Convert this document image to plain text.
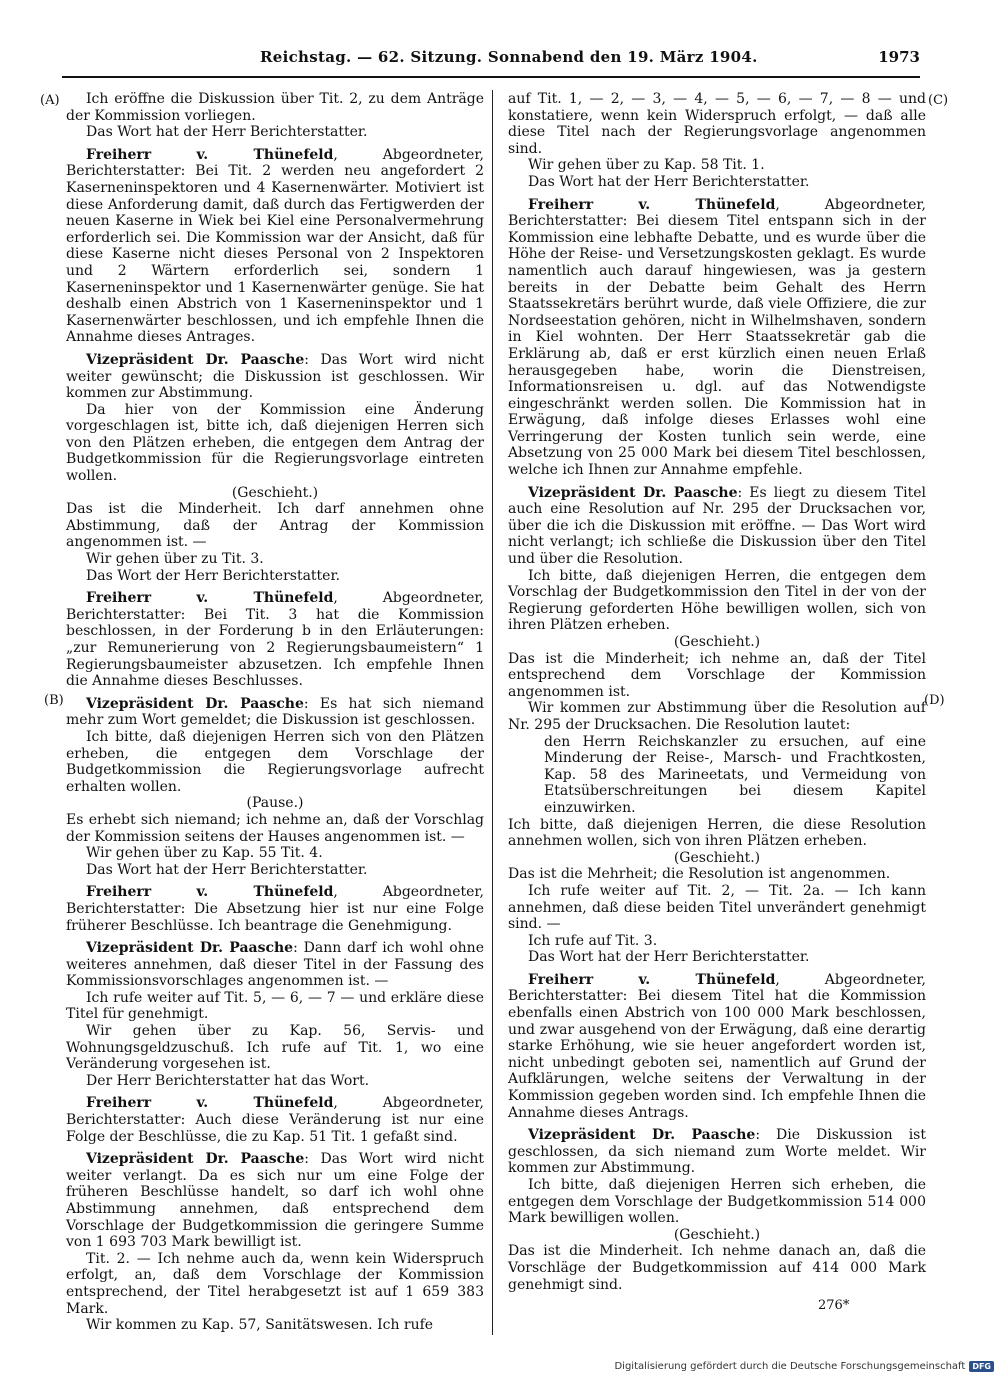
Reichstag. — 62. Sitzung. Sonnabend den 19. März 1904.	1973
(A)
(B)
(C)
(D)

Ich eröffne die Diskussion über Tit. 2, zu dem Anträge der Kommission vorliegen.

Das Wort hat der Herr Berichterstatter.

Freiherr v. Thünefeld, Abgeordneter, Berichterstatter: Bei Tit. 2 werden neu angefordert 2 Kaserneninspektoren und 4 Kasernenwärter. Motiviert ist diese Anforderung damit, daß durch das Fertigwerden der neuen Kaserne in Wiek bei Kiel eine Personalvermehrung erforderlich sei. Die Kommission war der Ansicht, daß für diese Kaserne nicht dieses Personal von 2 Inspektoren und 2 Wärtern erforderlich sei, sondern 1 Kaserneninspektor und 1 Kasernenwärter genüge. Sie hat deshalb einen Abstrich von 1 Kaserneninspektor und 1 Kasernenwärter beschlossen, und ich empfehle Ihnen die Annahme dieses Antrages.

Vizepräsident Dr. Paasche: Das Wort wird nicht weiter gewünscht; die Diskussion ist geschlossen. Wir kommen zur Abstimmung.

Da hier von der Kommission eine Änderung vorgeschlagen ist, bitte ich, daß diejenigen Herren sich von den Plätzen erheben, die entgegen dem Antrag der Budgetkommission für die Regierungsvorlage eintreten wollen.

(Geschieht.)

Das ist die Minderheit. Ich darf annehmen ohne Abstimmung, daß der Antrag der Kommission angenommen ist. —

Wir gehen über zu Tit. 3.

Das Wort der Herr Berichterstatter.

Freiherr v. Thünefeld, Abgeordneter, Berichterstatter: Bei Tit. 3 hat die Kommission beschlossen, in der Forderung b in den Erläuterungen: „zur Remunerierung von 2 Regierungsbaumeistern“ 1 Regierungsbaumeister abzusetzen. Ich empfehle Ihnen die Annahme dieses Beschlusses.

Vizepräsident Dr. Paasche: Es hat sich niemand mehr zum Wort gemeldet; die Diskussion ist geschlossen.

Ich bitte, daß diejenigen Herren sich von den Plätzen erheben, die entgegen dem Vorschlage der Budgetkommission die Regierungsvorlage aufrecht erhalten wollen.

(Pause.)

Es erhebt sich niemand; ich nehme an, daß der Vorschlag der Kommission seitens der Hauses angenommen ist. —

Wir gehen über zu Kap. 55 Tit. 4.

Das Wort hat der Herr Berichterstatter.

Freiherr v. Thünefeld, Abgeordneter, Berichterstatter: Die Absetzung hier ist nur eine Folge früherer Beschlüsse. Ich beantrage die Genehmigung.

Vizepräsident Dr. Paasche: Dann darf ich wohl ohne weiteres annehmen, daß dieser Titel in der Fassung des Kommissionsvorschlages angenommen ist. —

Ich rufe weiter auf Tit. 5, — 6, — 7 — und erkläre diese Titel für genehmigt.

Wir gehen über zu Kap. 56, Servis- und Wohnungsgeldzuschuß. Ich rufe auf Tit. 1, wo eine Veränderung vorgesehen ist.

Der Herr Berichterstatter hat das Wort.

Freiherr v. Thünefeld, Abgeordneter, Berichterstatter: Auch diese Veränderung ist nur eine Folge der Beschlüsse, die zu Kap. 51 Tit. 1 gefaßt sind.

Vizepräsident Dr. Paasche: Das Wort wird nicht weiter verlangt. Da es sich nur um eine Folge der früheren Beschlüsse handelt, so darf ich wohl ohne Abstimmung annehmen, daß entsprechend dem Vorschlage der Budgetkommission die geringere Summe von 1 693 703 Mark bewilligt ist.

Tit. 2. — Ich nehme auch da, wenn kein Widerspruch erfolgt, an, daß dem Vorschlage der Kommission entsprechend, der Titel herabgesetzt ist auf 1 659 383 Mark.

Wir kommen zu Kap. 57, Sanitätswesen. Ich rufe

auf Tit. 1, — 2, — 3, — 4, — 5, — 6, — 7, — 8 — und konstatiere, wenn kein Widerspruch erfolgt, — daß alle diese Titel nach der Regierungsvorlage angenommen sind.

Wir gehen über zu Kap. 58 Tit. 1.

Das Wort hat der Herr Berichterstatter.

Freiherr v. Thünefeld, Abgeordneter, Berichterstatter: Bei diesem Titel entspann sich in der Kommission eine lebhafte Debatte, und es wurde über die Höhe der Reise- und Versetzungskosten geklagt. Es wurde namentlich auch darauf hingewiesen, was ja gestern bereits in der Debatte beim Gehalt des Herrn Staatssekretärs berührt wurde, daß viele Offiziere, die zur Nordseestation gehören, nicht in Wilhelmshaven, sondern in Kiel wohnten. Der Herr Staatssekretär gab die Erklärung ab, daß er erst kürzlich einen neuen Erlaß herausgegeben habe, worin die Dienstreisen, Informationsreisen u. dgl. auf das Notwendigste eingeschränkt werden sollen. Die Kommission hat in Erwägung, daß infolge dieses Erlasses wohl eine Verringerung der Kosten tunlich sein werde, eine Absetzung von 25 000 Mark bei diesem Titel beschlossen, welche ich Ihnen zur Annahme empfehle.

Vizepräsident Dr. Paasche: Es liegt zu diesem Titel auch eine Resolution auf Nr. 295 der Drucksachen vor, über die ich die Diskussion mit eröffne. — Das Wort wird nicht verlangt; ich schließe die Diskussion über den Titel und über die Resolution.

Ich bitte, daß diejenigen Herren, die entgegen dem Vorschlag der Budgetkommission den Titel in der von der Regierung geforderten Höhe bewilligen wollen, sich von ihren Plätzen erheben.

(Geschieht.)

Das ist die Minderheit; ich nehme an, daß der Titel entsprechend dem Vorschlage der Kommission angenommen ist.

Wir kommen zur Abstimmung über die Resolution auf Nr. 295 der Drucksachen. Die Resolution lautet:

den Herrn Reichskanzler zu ersuchen, auf eine Minderung der Reise-, Marsch- und Frachtkosten, Kap. 58 des Marineetats, und Vermeidung von Etatsüberschreitungen bei diesem Kapitel einzuwirken.

Ich bitte, daß diejenigen Herren, die diese Resolution annehmen wollen, sich von ihren Plätzen erheben.

(Geschieht.)

Das ist die Mehrheit; die Resolution ist angenommen.

Ich rufe weiter auf Tit. 2, — Tit. 2a. — Ich kann annehmen, daß diese beiden Titel unverändert genehmigt sind. —

Ich rufe auf Tit. 3.

Das Wort hat der Herr Berichterstatter.

Freiherr v. Thünefeld, Abgeordneter, Berichterstatter: Bei diesem Titel hat die Kommission ebenfalls einen Abstrich von 100 000 Mark beschlossen, und zwar ausgehend von der Erwägung, daß eine derartig starke Erhöhung, wie sie heuer angefordert worden ist, nicht unbedingt geboten sei, namentlich auf Grund der Aufklärungen, welche seitens der Verwaltung in der Kommission gegeben worden sind. Ich empfehle Ihnen die Annahme dieses Antrags.

Vizepräsident Dr. Paasche: Die Diskussion ist geschlossen, da sich niemand zum Worte meldet. Wir kommen zur Abstimmung.

Ich bitte, daß diejenigen Herren sich erheben, die entgegen dem Vorschlage der Budgetkommission 514 000 Mark bewilligen wollen.

(Geschieht.)

Das ist die Minderheit. Ich nehme danach an, daß die Vorschläge der Budgetkommission auf 414 000 Mark genehmigt sind.

276*
Digitalisierung gefördert durch die Deutsche Forschungsgemeinschaft DFG
